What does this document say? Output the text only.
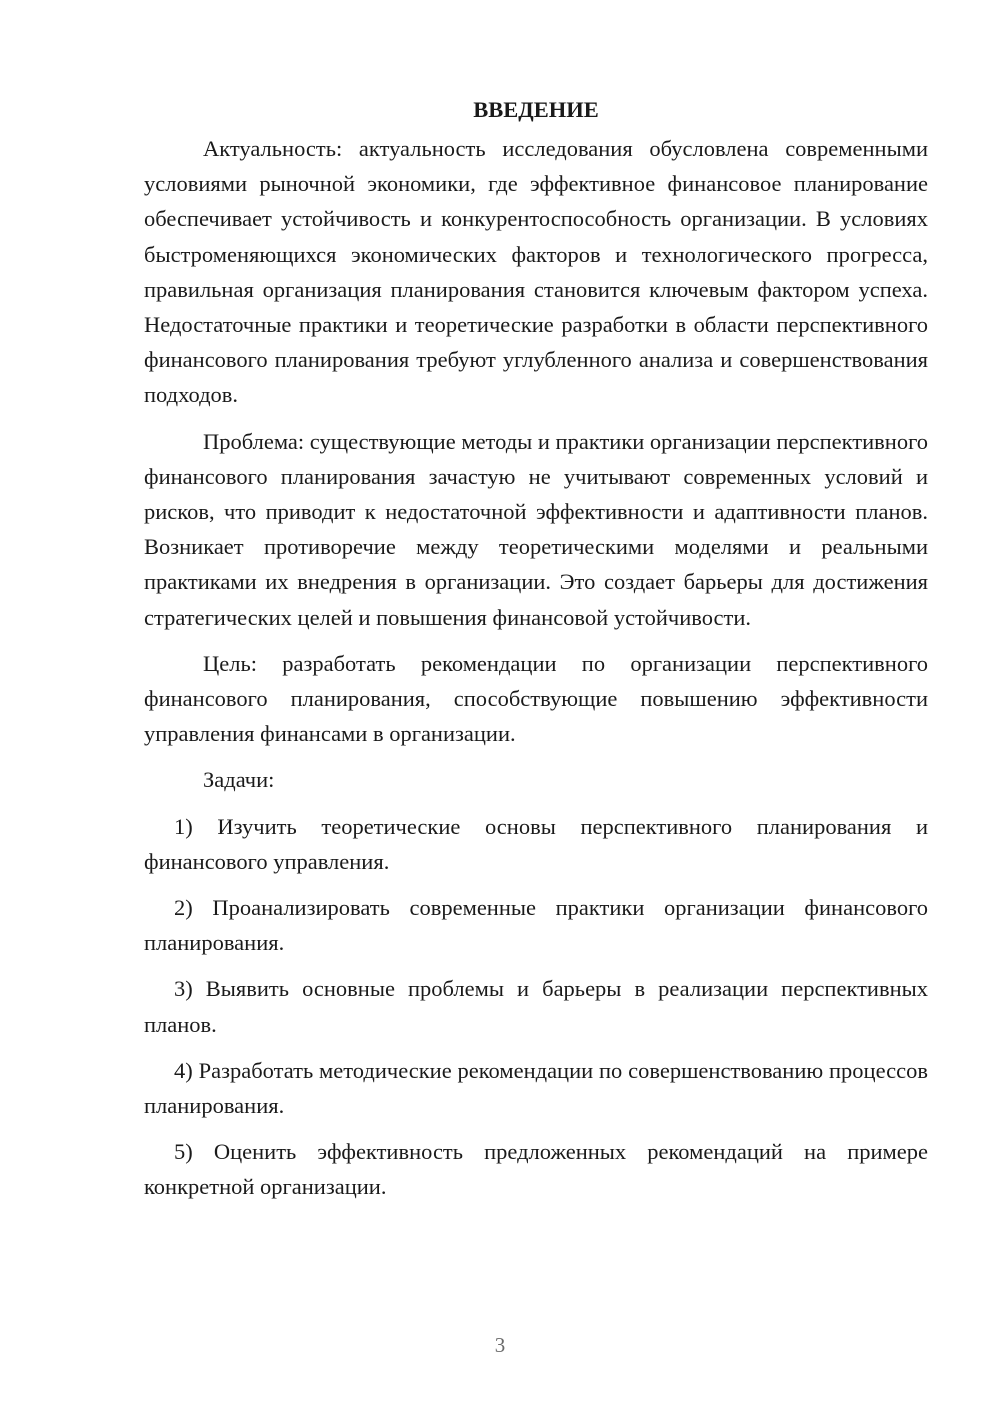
ВВЕДЕНИЕ

Актуальность: актуальность исследования обусловлена современными условиями рыночной экономики, где эффективное финансовое планирование обеспечивает устойчивость и конкурентоспособность организации. В условиях быстроменяющихся экономических факторов и технологического прогресса, правильная организация планирования становится ключевым фактором успеха. Недостаточные практики и теоретические разработки в области перспективного финансового планирования требуют углубленного анализа и совершенствования подходов.

Проблема: существующие методы и практики организации перспективного финансового планирования зачастую не учитывают современных условий и рисков, что приводит к недостаточной эффективности и адаптивности планов. Возникает противоречие между теоретическими моделями и реальными практиками их внедрения в организации. Это создает барьеры для достижения стратегических целей и повышения финансовой устойчивости.

Цель: разработать рекомендации по организации перспективного финансового планирования, способствующие повышению эффективности управления финансами в организации.

Задачи:

1) Изучить теоретические основы перспективного планирования и финансового управления.

2) Проанализировать современные практики организации финансового планирования.

3) Выявить основные проблемы и барьеры в реализации перспективных планов.

4) Разработать методические рекомендации по совершенствованию процессов планирования.

5) Оценить эффективность предложенных рекомендаций на примере конкретной организации.

3
